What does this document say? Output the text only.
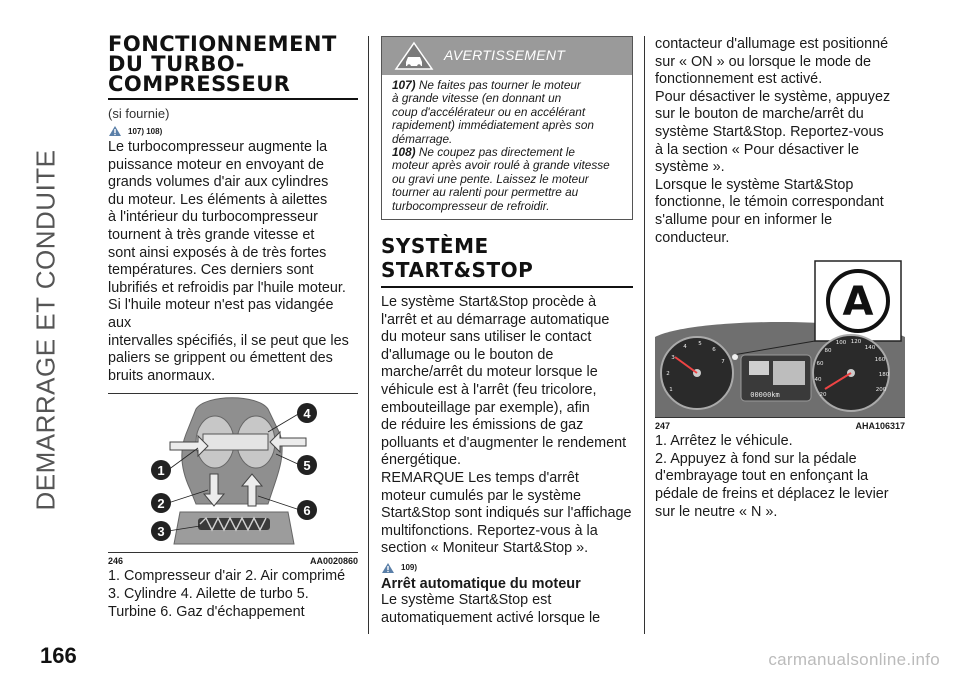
DEMARRAGE ET CONDUITE
FONCTIONNEMENT
DU TURBO-
COMPRESSEUR

(si fournie)

107) 108)
Le turbocompresseur augmente la
puissance moteur en envoyant de
grands volumes d'air aux cylindres
du moteur. Les éléments à ailettes
à l'intérieur du turbocompresseur
tournent à très grande vitesse et
sont ainsi exposés à de très fortes
températures. Ces derniers sont
lubrifiés et refroidis par l'huile moteur.
Si l'huile moteur n'est pas vidangée aux
intervalles spécifiés, il se peut que les
paliers se grippent ou émettent des
bruits anormaux.
1
2
3
4
5
6
246	AA0020860
1. Compresseur d'air 2. Air comprimé
3. Cylindre 4. Ailette de turbo 5.
Turbine 6. Gaz d'échappement
AVERTISSEMENT
107) Ne faites pas tourner le moteur
à grande vitesse (en donnant un
coup d'accélérateur ou en accélérant
rapidement) immédiatement après son
démarrage.
108) Ne coupez pas directement le
moteur après avoir roulé à grande vitesse
ou gravi une pente. Laissez le moteur
tourner au ralenti pour permettre au
turbocompresseur de refroidir.
SYSTÈME
START&STOP
Le système Start&Stop procède à
l'arrêt et au démarrage automatique
du moteur sans utiliser le contact
d'allumage ou le bouton de
marche/arrêt du moteur lorsque le
véhicule est à l'arrêt (feu tricolore,
embouteillage par exemple), afin
de réduire les émissions de gaz
polluants et d'augmenter le rendement
énergétique.
REMARQUE Les temps d'arrêt
moteur cumulés par le système
Start&Stop sont indiqués sur l'affichage
multifonctions. Reportez-vous à la
section « Moniteur Start&Stop ».
109)
Arrêt automatique du moteur
Le système Start&Stop est
automatiquement activé lorsque le
contacteur d'allumage est positionné
sur « ON » ou lorsque le mode de
fonctionnement est activé.
Pour désactiver le système, appuyez
sur le bouton de marche/arrêt du
système Start&Stop. Reportez-vous
à la section « Pour désactiver le
système ».
Lorsque le système Start&Stop
fonctionne, le témoin correspondant
s'allume pour en informer le
conducteur.
A
00000km	20
40
60
80
100 120
140
160
180
200
1
2
3
4 5
6
7
247	AHA106317
1. Arrêtez le véhicule.
2. Appuyez à fond sur la pédale
d'embrayage tout en enfonçant la
pédale de freins et déplacez le levier
sur le neutre « N ».
166	carmanualsonline.info
